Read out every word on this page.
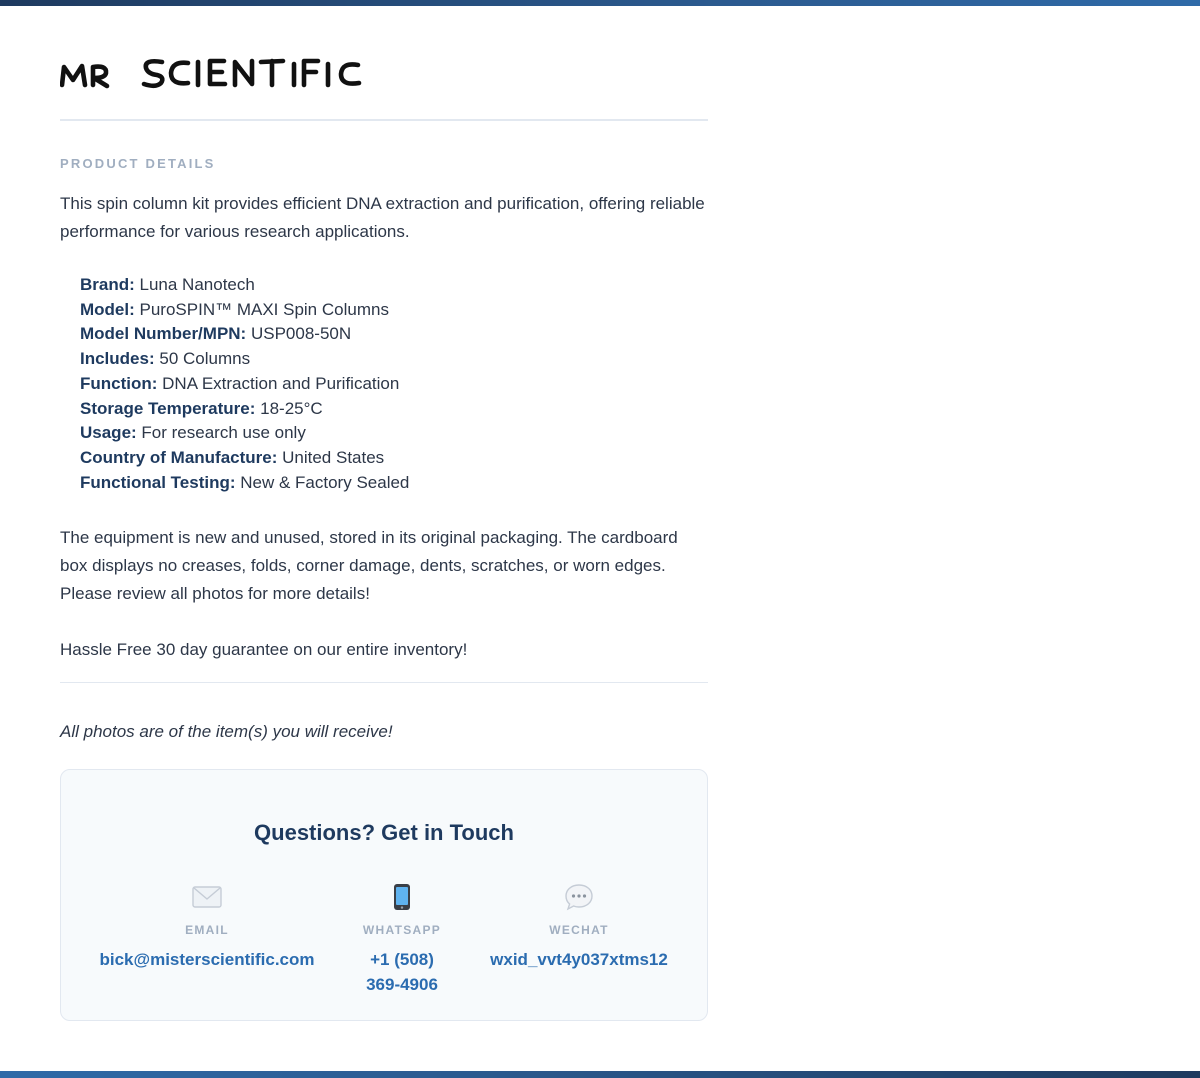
PRODUCT DETAILS

This spin column kit provides efficient DNA extraction and purification, offering reliable performance for various research applications.

Brand: Luna Nanotech
Model: PuroSPIN™ MAXI Spin Columns
Model Number/MPN: USP008-50N
Includes: 50 Columns
Function: DNA Extraction and Purification
Storage Temperature: 18-25°C
Usage: For research use only
Country of Manufacture: United States
Functional Testing: New & Factory Sealed

The equipment is new and unused, stored in its original packaging. The cardboard box displays no creases, folds, corner damage, dents, scratches, or worn edges. Please review all photos for more details!

Hassle Free 30 day guarantee on our entire inventory!

All photos are of the item(s) you will receive!

Questions? Get in Touch
EMAIL
bick@misterscientific.com
WHATSAPP
+1 (508) 369-4906
WECHAT
wxid_vvt4y037xtms12
